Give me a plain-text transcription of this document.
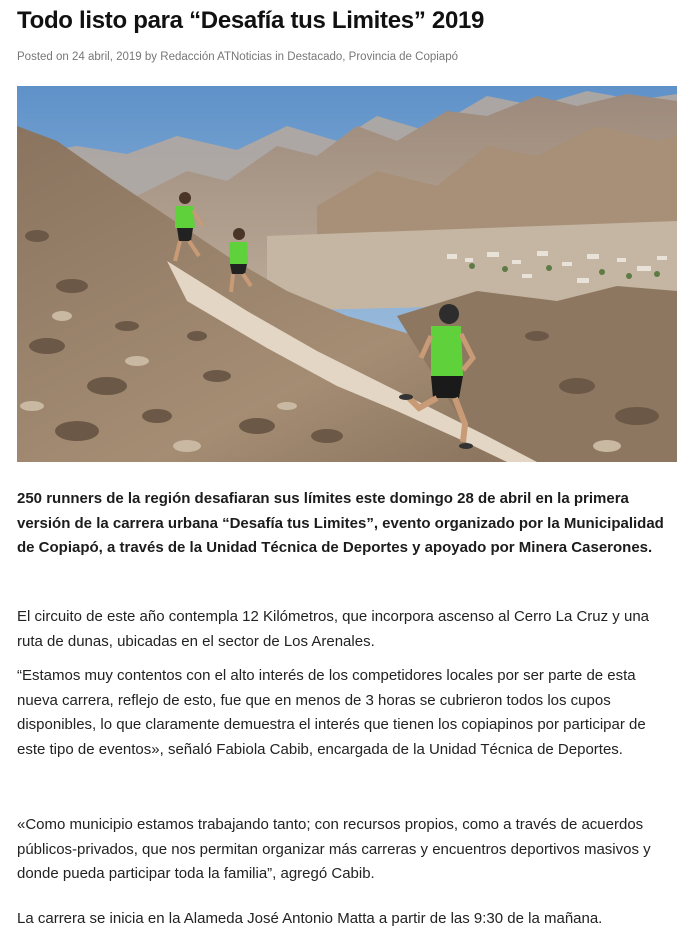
Todo listo para “Desafía tus Limites” 2019
Posted on 24 abril, 2019 by Redacción ATNoticias in Destacado, Provincia de Copiapó

250 runners de la región desafiaran sus límites este domingo 28 de abril en la primera versión de la carrera urbana “Desafía tus Limites”, evento organizado por la Municipalidad de Copiapó, a través de la Unidad Técnica de Deportes y apoyado por Minera Caserones.

El circuito de este año contempla 12 Kilómetros, que incorpora ascenso al Cerro La Cruz y una ruta de dunas, ubicadas en el sector de Los Arenales.

“Estamos muy contentos con el alto interés de los competidores locales por ser parte de esta nueva carrera, reflejo de esto, fue que en menos de 3 horas se cubrieron todos los cupos disponibles, lo que claramente demuestra el interés que tienen los copiapinos por participar de este tipo de eventos», señaló Fabiola Cabib, encargada de la Unidad Técnica de Deportes.

«Como municipio estamos trabajando tanto; con recursos propios, como a través de acuerdos públicos-privados, que nos permitan organizar más carreras y encuentros deportivos masivos y donde pueda participar toda la familia”, agregó Cabib.

La carrera se inicia en la Alameda José Antonio Matta a partir de las 9:30 de la mañana.
